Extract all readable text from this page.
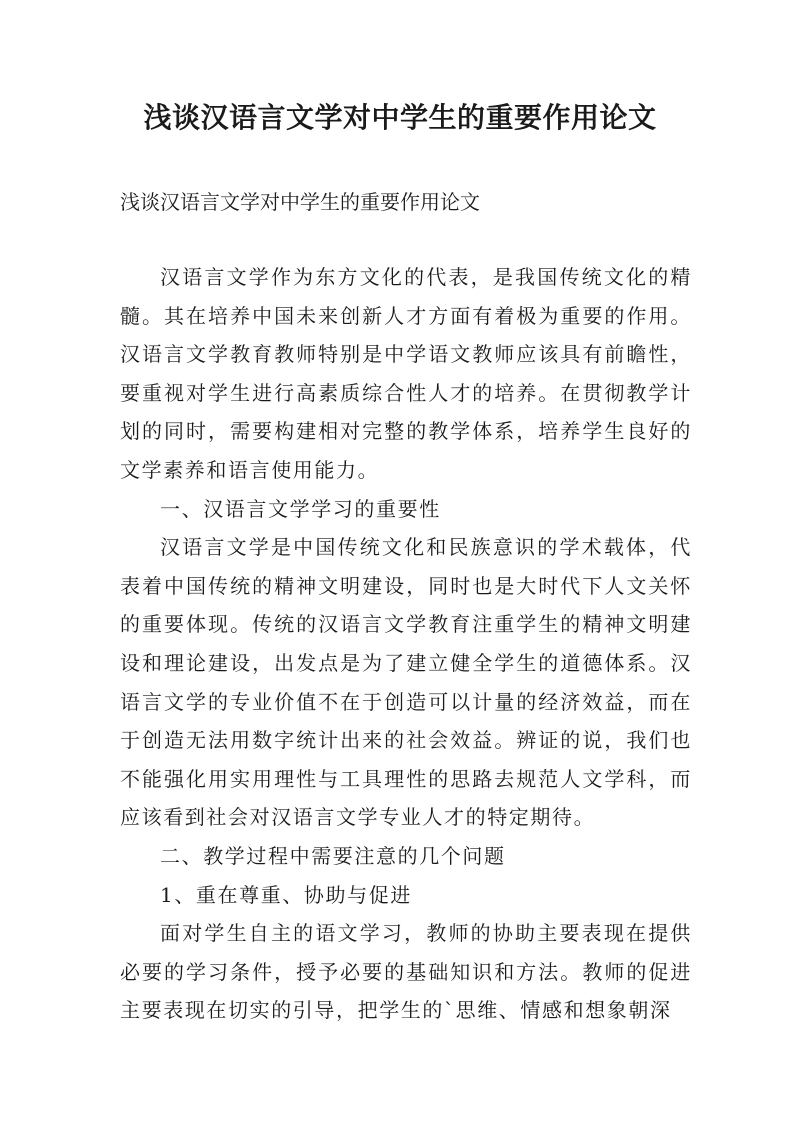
浅谈汉语言文学对中学生的重要作用论文

浅谈汉语言文学对中学生的重要作用论文

汉语言文学作为东方文化的代表，是我国传统文化的精髓。其在培养中国未来创新人才方面有着极为重要的作用。汉语言文学教育教师特别是中学语文教师应该具有前瞻性，要重视对学生进行高素质综合性人才的培养。在贯彻教学计划的同时，需要构建相对完整的教学体系，培养学生良好的文学素养和语言使用能力。

一、汉语言文学学习的重要性

汉语言文学是中国传统文化和民族意识的学术载体，代表着中国传统的精神文明建设，同时也是大时代下人文关怀的重要体现。传统的汉语言文学教育注重学生的精神文明建设和理论建设，出发点是为了建立健全学生的道德体系。汉语言文学的专业价值不在于创造可以计量的经济效益，而在于创造无法用数字统计出来的社会效益。辨证的说，我们也不能强化用实用理性与工具理性的思路去规范人文学科，而应该看到社会对汉语言文学专业人才的特定期待。

二、教学过程中需要注意的几个问题

1、重在尊重、协助与促进

面对学生自主的语文学习，教师的协助主要表现在提供必要的学习条件，授予必要的基础知识和方法。教师的促进主要表现在切实的引导，把学生的`思维、情感和想象朝深
